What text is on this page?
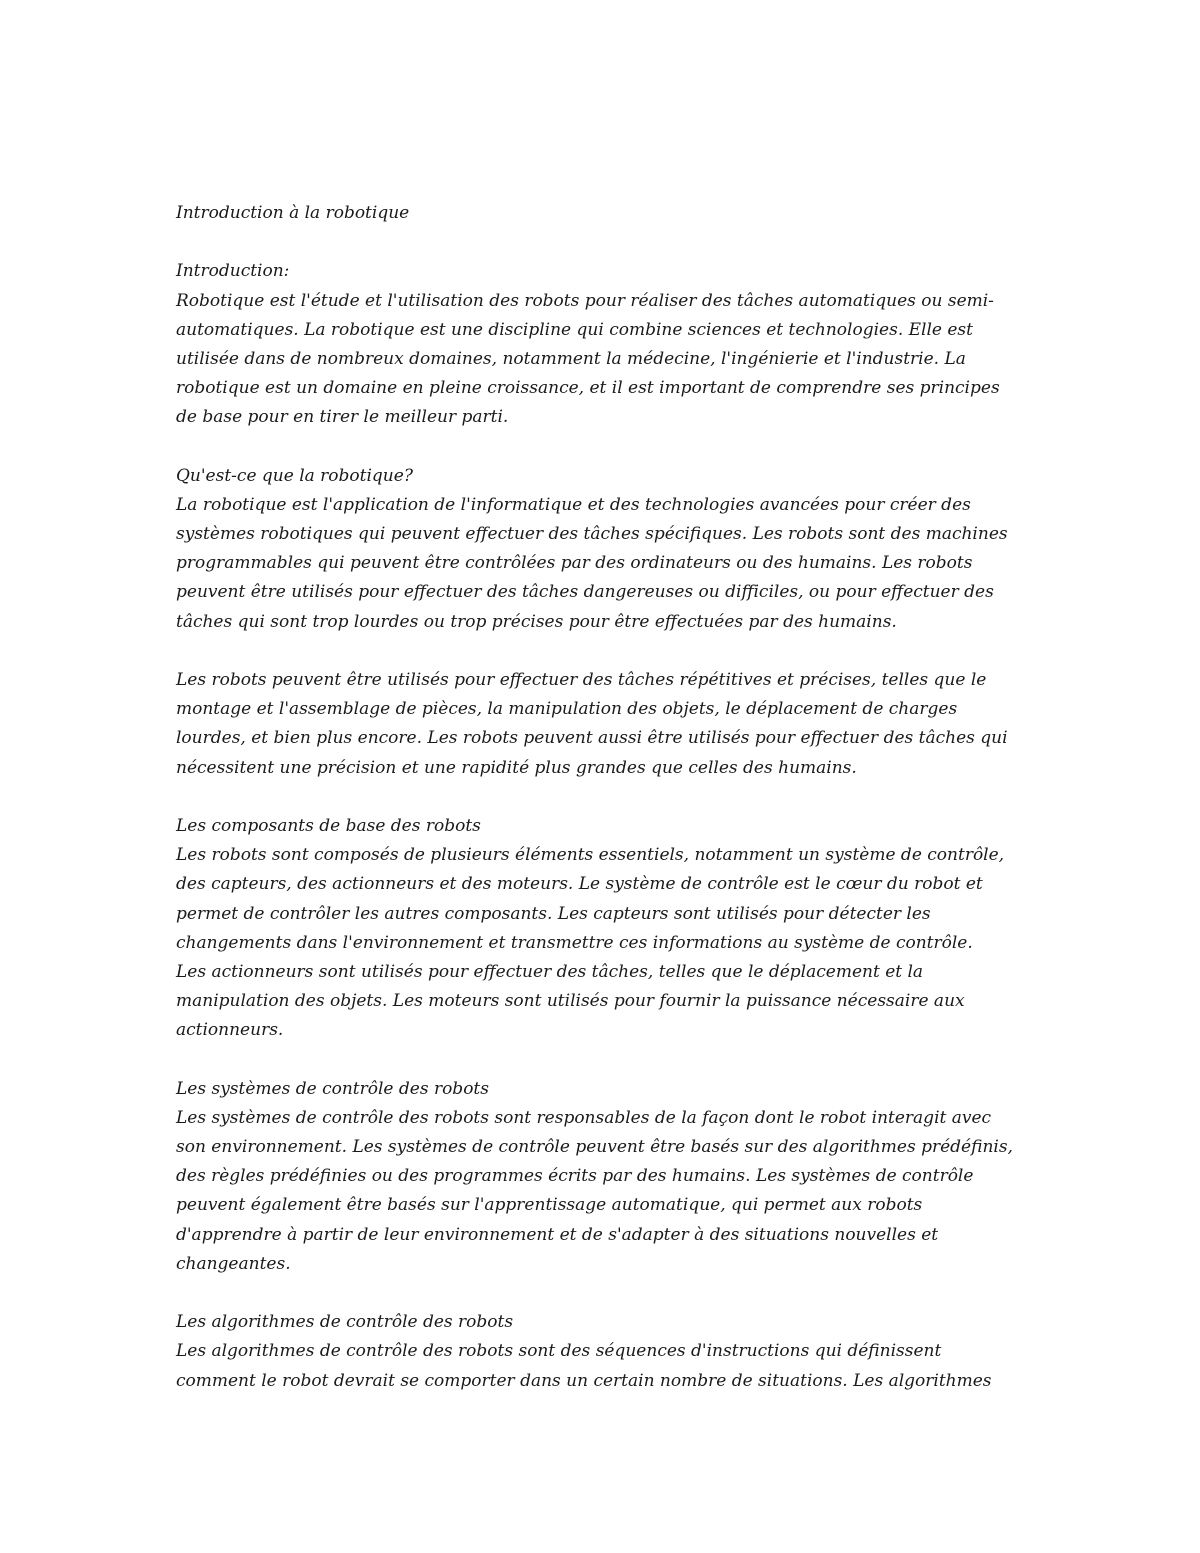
Introduction à la robotique
Introduction:
Robotique est l'étude et l'utilisation des robots pour réaliser des tâches automatiques ou semi-
automatiques. La robotique est une discipline qui combine sciences et technologies. Elle est
utilisée dans de nombreux domaines, notamment la médecine, l'ingénierie et l'industrie. La
robotique est un domaine en pleine croissance, et il est important de comprendre ses principes
de base pour en tirer le meilleur parti.
Qu'est-ce que la robotique?
La robotique est l'application de l'informatique et des technologies avancées pour créer des
systèmes robotiques qui peuvent effectuer des tâches spécifiques. Les robots sont des machines
programmables qui peuvent être contrôlées par des ordinateurs ou des humains. Les robots
peuvent être utilisés pour effectuer des tâches dangereuses ou difficiles, ou pour effectuer des
tâches qui sont trop lourdes ou trop précises pour être effectuées par des humains.
Les robots peuvent être utilisés pour effectuer des tâches répétitives et précises, telles que le
montage et l'assemblage de pièces, la manipulation des objets, le déplacement de charges
lourdes, et bien plus encore. Les robots peuvent aussi être utilisés pour effectuer des tâches qui
nécessitent une précision et une rapidité plus grandes que celles des humains.
Les composants de base des robots
Les robots sont composés de plusieurs éléments essentiels, notamment un système de contrôle,
des capteurs, des actionneurs et des moteurs. Le système de contrôle est le cœur du robot et
permet de contrôler les autres composants. Les capteurs sont utilisés pour détecter les
changements dans l'environnement et transmettre ces informations au système de contrôle.
Les actionneurs sont utilisés pour effectuer des tâches, telles que le déplacement et la
manipulation des objets. Les moteurs sont utilisés pour fournir la puissance nécessaire aux
actionneurs.
Les systèmes de contrôle des robots
Les systèmes de contrôle des robots sont responsables de la façon dont le robot interagit avec
son environnement. Les systèmes de contrôle peuvent être basés sur des algorithmes prédéfinis,
des règles prédéfinies ou des programmes écrits par des humains. Les systèmes de contrôle
peuvent également être basés sur l'apprentissage automatique, qui permet aux robots
d'apprendre à partir de leur environnement et de s'adapter à des situations nouvelles et
changeantes.
Les algorithmes de contrôle des robots
Les algorithmes de contrôle des robots sont des séquences d'instructions qui définissent
comment le robot devrait se comporter dans un certain nombre de situations. Les algorithmes
